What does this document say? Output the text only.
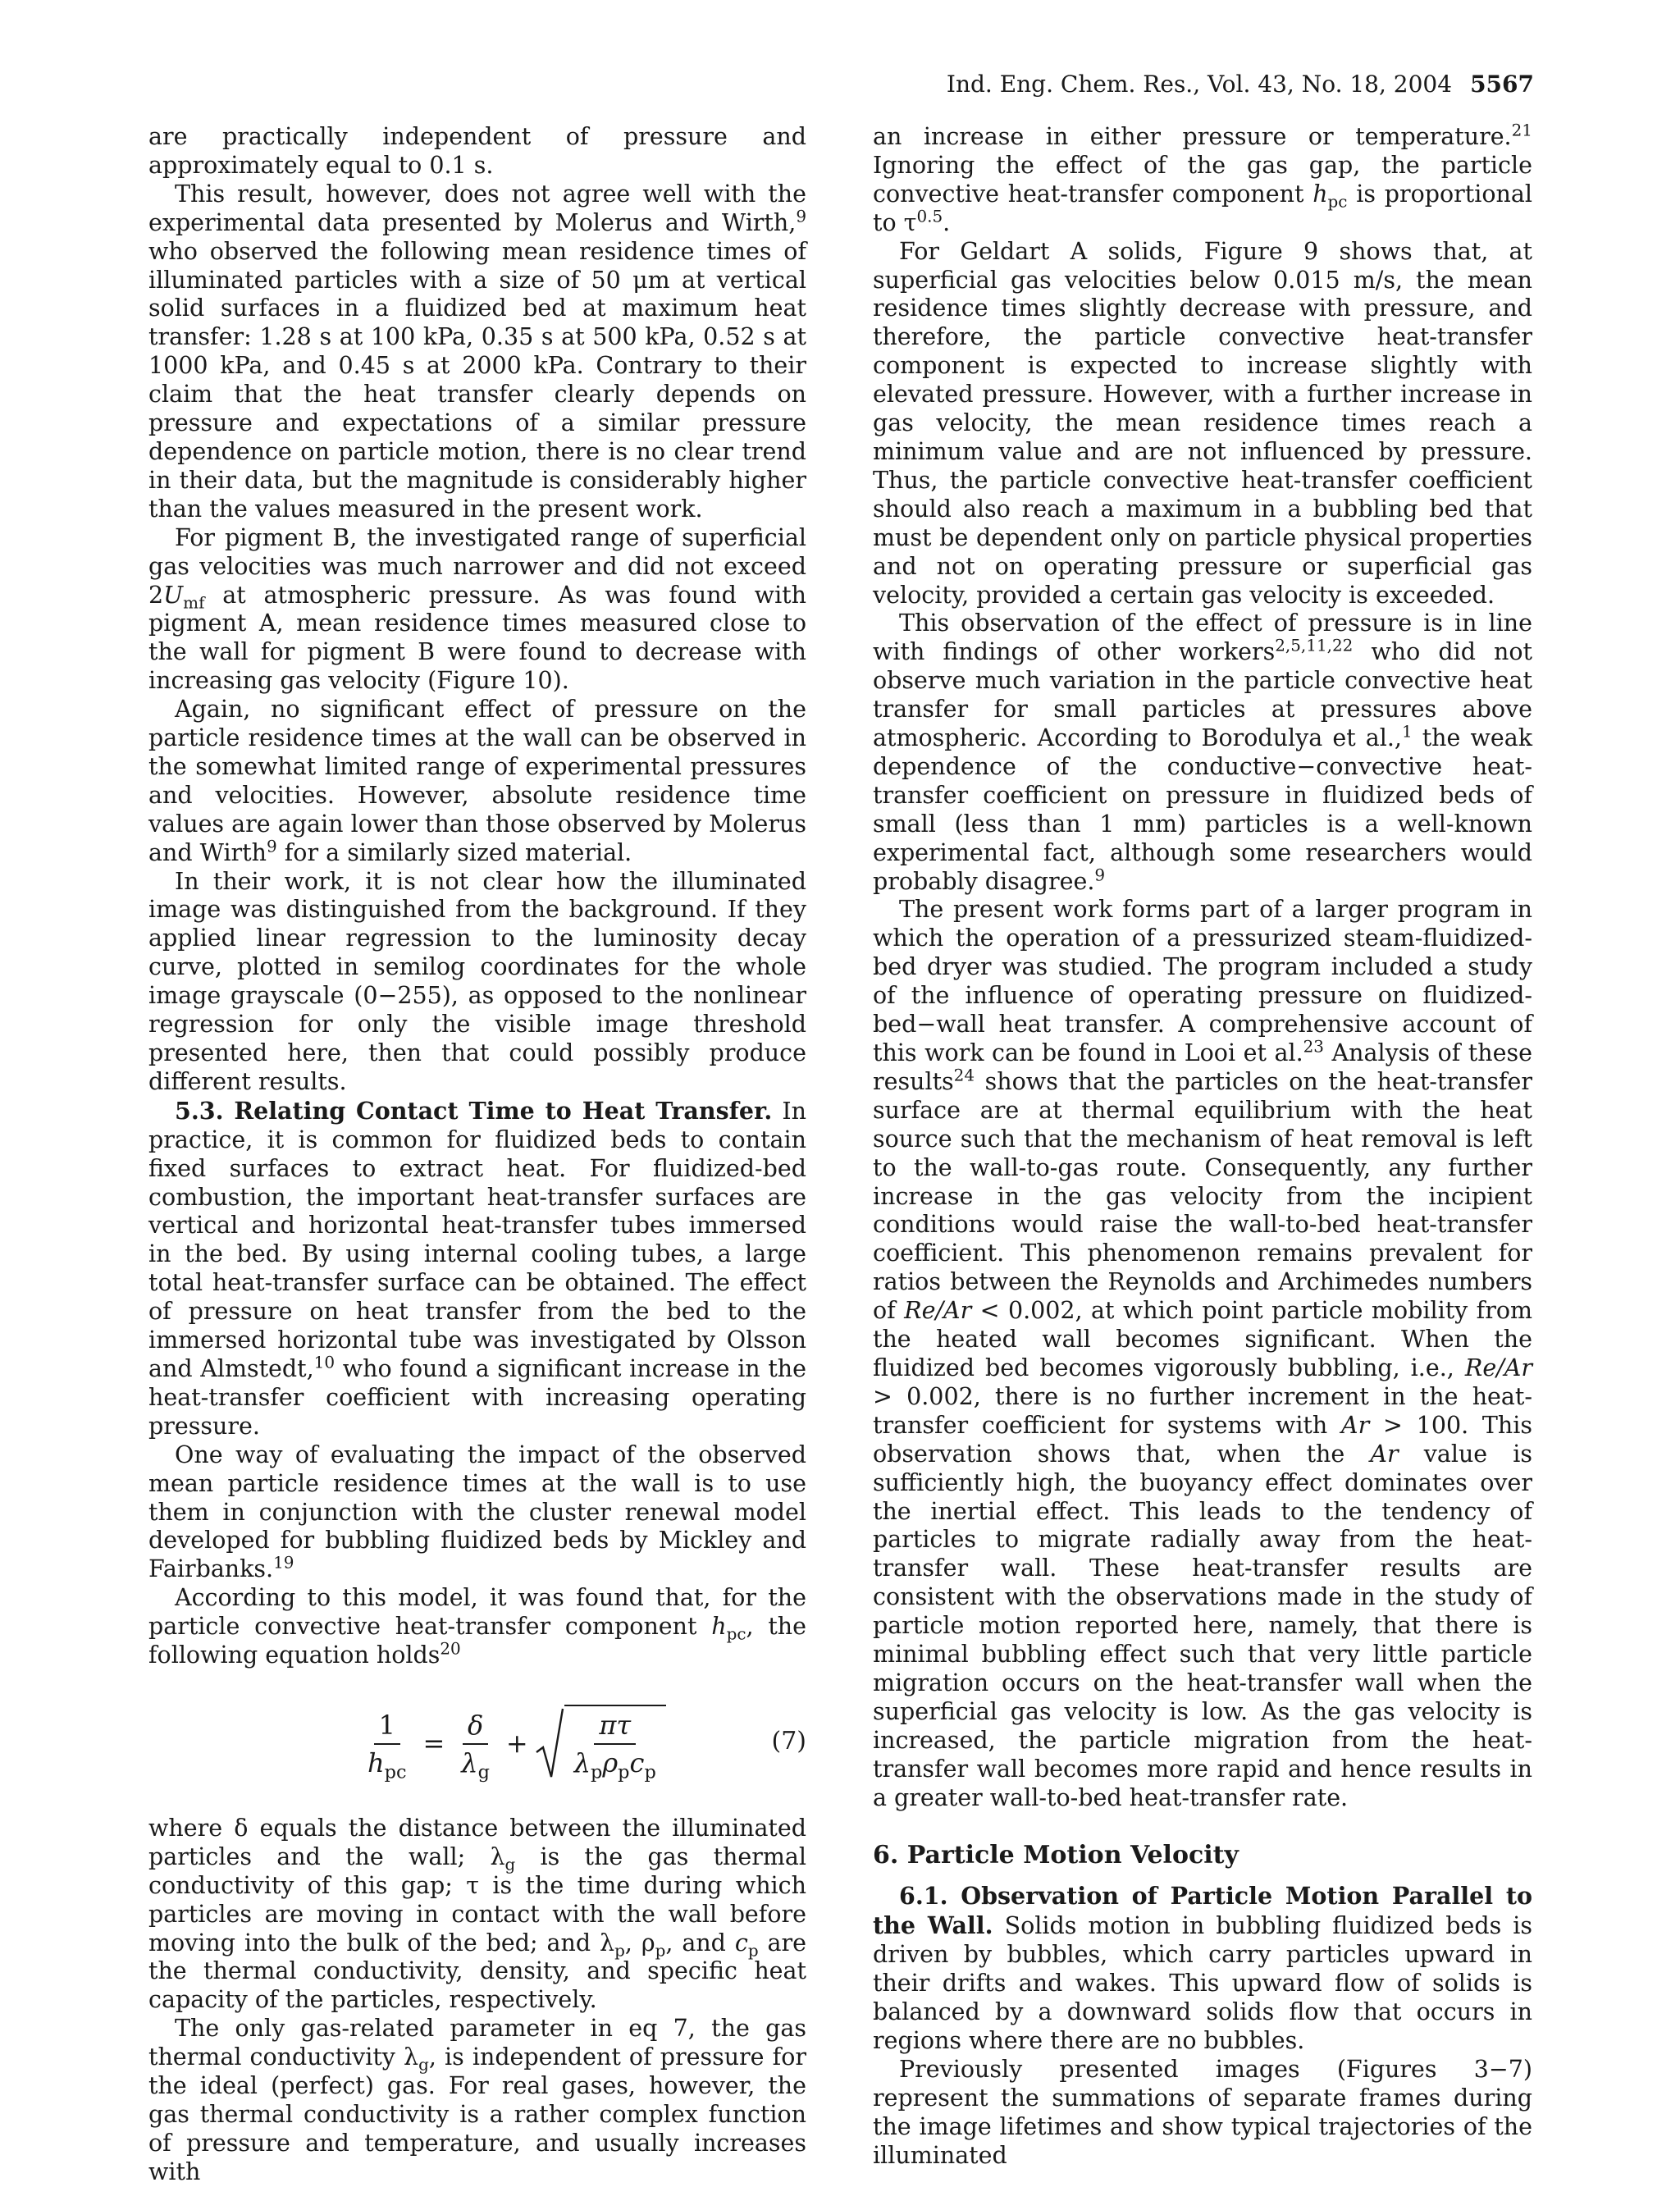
Ind. Eng. Chem. Res., Vol. 43, No. 18, 2004 5567

are practically independent of pressure and approximately equal to 0.1 s.

This result, however, does not agree well with the experimental data presented by Molerus and Wirth,$^9$ who observed the following mean residence times of illuminated particles with a size of 50 μm at vertical solid surfaces in a fluidized bed at maximum heat transfer: 1.28 s at 100 kPa, 0.35 s at 500 kPa, 0.52 s at 1000 kPa, and 0.45 s at 2000 kPa. Contrary to their claim that the heat transfer clearly depends on pressure and expectations of a similar pressure dependence on particle motion, there is no clear trend in their data, but the magnitude is considerably higher than the values measured in the present work.

For pigment B, the investigated range of superficial gas velocities was much narrower and did not exceed $2U_{mf}$ at atmospheric pressure. As was found with pigment A, mean residence times measured close to the wall for pigment B were found to decrease with increasing gas velocity (Figure 10).

Again, no significant effect of pressure on the particle residence times at the wall can be observed in the somewhat limited range of experimental pressures and velocities. However, absolute residence time values are again lower than those observed by Molerus and Wirth$^9$ for a similarly sized material.

In their work, it is not clear how the illuminated image was distinguished from the background. If they applied linear regression to the luminosity decay curve, plotted in semilog coordinates for the whole image grayscale (0−255), as opposed to the nonlinear regression for only the visible image threshold presented here, then that could possibly produce different results.

5.3. Relating Contact Time to Heat Transfer. In practice, it is common for fluidized beds to contain fixed surfaces to extract heat. For fluidized-bed combustion, the important heat-transfer surfaces are vertical and horizontal heat-transfer tubes immersed in the bed. By using internal cooling tubes, a large total heat-transfer surface can be obtained. The effect of pressure on heat transfer from the bed to the immersed horizontal tube was investigated by Olsson and Almstedt,$^{10}$ who found a significant increase in the heat-transfer coefficient with increasing operating pressure.

One way of evaluating the impact of the observed mean particle residence times at the wall is to use them in conjunction with the cluster renewal model developed for bubbling fluidized beds by Mickley and Fairbanks.$^{19}$

According to this model, it was found that, for the particle convective heat-transfer component $h_{pc}$, the following equation holds$^{20}$

$\frac{1}{h_{pc}} = \frac{\delta}{\lambda_g} + \frac{\pi\tau}{\lambda_p\rho_pc_p}$	(7)

where δ equals the distance between the illuminated particles and the wall; $\lambda_g$ is the gas thermal conductivity of this gap; τ is the time during which particles are moving in contact with the wall before moving into the bulk of the bed; and $\lambda_p$, $\rho_p$, and $c_p$ are the thermal conductivity, density, and specific heat capacity of the particles, respectively.

The only gas-related parameter in eq 7, the gas thermal conductivity $\lambda_g$, is independent of pressure for the ideal (perfect) gas. For real gases, however, the gas thermal conductivity is a rather complex function of pressure and temperature, and usually increases with

an increase in either pressure or temperature.$^{21}$ Ignoring the effect of the gas gap, the particle convective heat-transfer component $h_{pc}$ is proportional to $\tau^{0.5}$.

For Geldart A solids, Figure 9 shows that, at superficial gas velocities below 0.015 m/s, the mean residence times slightly decrease with pressure, and therefore, the particle convective heat-transfer component is expected to increase slightly with elevated pressure. However, with a further increase in gas velocity, the mean residence times reach a minimum value and are not influenced by pressure. Thus, the particle convective heat-transfer coefficient should also reach a maximum in a bubbling bed that must be dependent only on particle physical properties and not on operating pressure or superficial gas velocity, provided a certain gas velocity is exceeded.

This observation of the effect of pressure is in line with findings of other workers$^{2,5,11,22}$ who did not observe much variation in the particle convective heat transfer for small particles at pressures above atmospheric. According to Borodulya et al.,$^1$ the weak dependence of the conductive−convective heat-transfer coefficient on pressure in fluidized beds of small (less than 1 mm) particles is a well-known experimental fact, although some researchers would probably disagree.$^9$

The present work forms part of a larger program in which the operation of a pressurized steam-fluidized-bed dryer was studied. The program included a study of the influence of operating pressure on fluidized-bed−wall heat transfer. A comprehensive account of this work can be found in Looi et al.$^{23}$ Analysis of these results$^{24}$ shows that the particles on the heat-transfer surface are at thermal equilibrium with the heat source such that the mechanism of heat removal is left to the wall-to-gas route. Consequently, any further increase in the gas velocity from the incipient conditions would raise the wall-to-bed heat-transfer coefficient. This phenomenon remains prevalent for ratios between the Reynolds and Archimedes numbers of Re/Ar < 0.002, at which point particle mobility from the heated wall becomes significant. When the fluidized bed becomes vigorously bubbling, i.e., Re/Ar > 0.002, there is no further increment in the heat-transfer coefficient for systems with Ar > 100. This observation shows that, when the Ar value is sufficiently high, the buoyancy effect dominates over the inertial effect. This leads to the tendency of particles to migrate radially away from the heat-transfer wall. These heat-transfer results are consistent with the observations made in the study of particle motion reported here, namely, that there is minimal bubbling effect such that very little particle migration occurs on the heat-transfer wall when the superficial gas velocity is low. As the gas velocity is increased, the particle migration from the heat-transfer wall becomes more rapid and hence results in a greater wall-to-bed heat-transfer rate.

6. Particle Motion Velocity

6.1. Observation of Particle Motion Parallel to the Wall. Solids motion in bubbling fluidized beds is driven by bubbles, which carry particles upward in their drifts and wakes. This upward flow of solids is balanced by a downward solids flow that occurs in regions where there are no bubbles.

Previously presented images (Figures 3−7) represent the summations of separate frames during the image lifetimes and show typical trajectories of the illuminated
